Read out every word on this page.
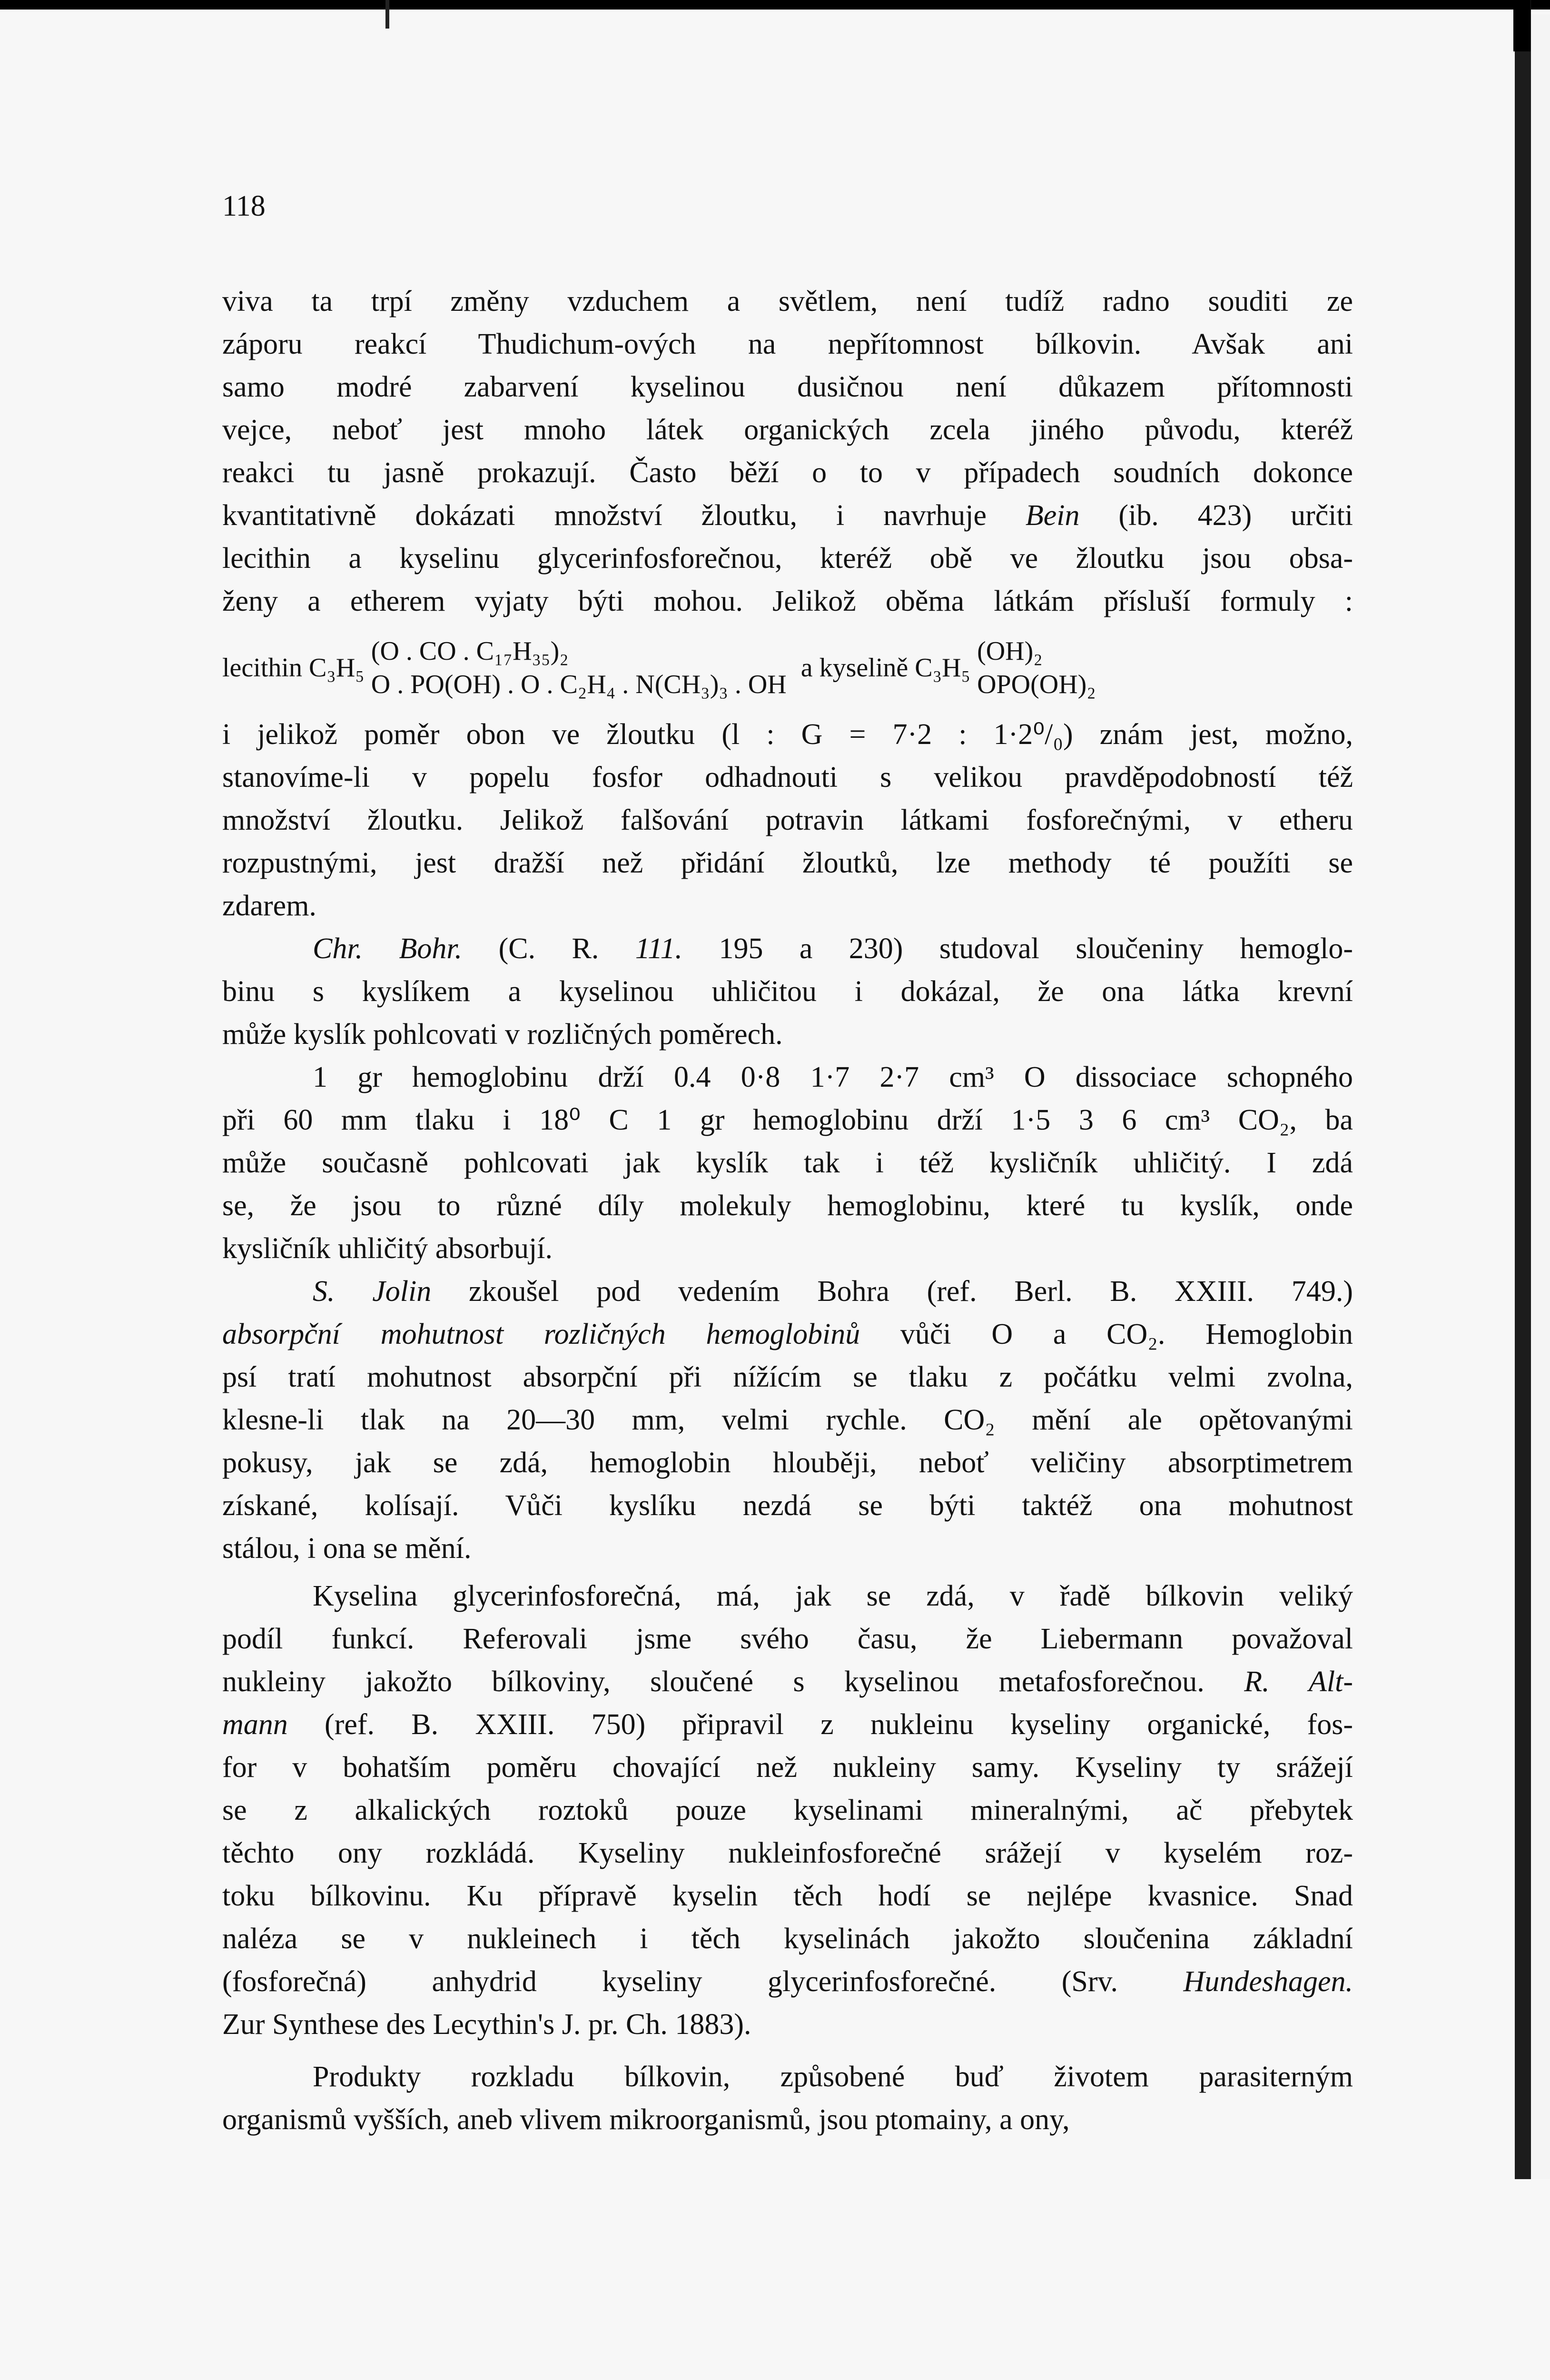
118
viva ta trpí změny vzduchem a světlem, není tudíž radno souditi ze
záporu reakcí Thudichum-ových na nepřítomnost bílkovin. Avšak ani
samo modré zabarvení kyselinou dusičnou není důkazem přítomnosti
vejce, neboť jest mnoho látek organických zcela jiného původu, kteréž
reakci tu jasně prokazují. Často běží o to v případech soudních dokonce
kvantitativně dokázati množství žloutku, i navrhuje Bein (ib. 423) určiti
lecithin a kyselinu glycerinfosforečnou, kteréž obě ve žloutku jsou obsa-
ženy a etherem vyjaty býti mohou. Jelikož oběma látkám přísluší formuly :
lecithin C₃H₅
(O . CO . C₁₇H₃₅)₂
O . PO(OH) . O . C₂H₄ . N(CH₃)₃ . OH
a kyselině C₃H₅
(OH)₂
OPO(OH)₂
i jelikož poměr obon ve žloutku (l : G = 7·2 : 1·2⁰/₀) znám jest, možno,
stanovíme-li v popelu fosfor odhadnouti s velikou pravděpodobností též
množství žloutku. Jelikož falšování potravin látkami fosforečnými, v etheru
rozpustnými, jest dražší než přidání žloutků, lze methody té použíti se
zdarem.
Chr. Bohr. (C. R. 111. 195 a 230) studoval sloučeniny hemoglo-
binu s kyslíkem a kyselinou uhličitou i dokázal, že ona látka krevní
může kyslík pohlcovati v rozličných poměrech.
1 gr hemoglobinu drží 0.4 0·8 1·7 2·7 cm³ O dissociace schopného
při 60 mm tlaku i 18⁰ C 1 gr hemoglobinu drží 1·5 3 6 cm³ CO₂, ba
může současně pohlcovati jak kyslík tak i též kysličník uhličitý. I zdá
se, že jsou to různé díly molekuly hemoglobinu, které tu kyslík, onde
kysličník uhličitý absorbují.
S. Jolin zkoušel pod vedením Bohra (ref. Berl. B. XXIII. 749.)
absorpční mohutnost rozličných hemoglobinů vůči O a CO₂. Hemoglobin
psí tratí mohutnost absorpční při nížícím se tlaku z počátku velmi zvolna,
klesne-li tlak na 20—30 mm, velmi rychle. CO₂ mění ale opětovanými
pokusy, jak se zdá, hemoglobin hlouběji, neboť veličiny absorptimetrem
získané, kolísají. Vůči kyslíku nezdá se býti taktéž ona mohutnost
stálou, i ona se mění.
Kyselina glycerinfosforečná, má, jak se zdá, v řadě bílkovin veliký
podíl funkcí. Referovali jsme svého času, že Liebermann považoval
nukleiny jakožto bílkoviny, sloučené s kyselinou metafosforečnou. R. Alt-
mann (ref. B. XXIII. 750) připravil z nukleinu kyseliny organické, fos-
for v bohatším poměru chovající než nukleiny samy. Kyseliny ty srážejí
se z alkalických roztoků pouze kyselinami mineralnými, ač přebytek
těchto ony rozkládá. Kyseliny nukleinfosforečné srážejí v kyselém roz-
toku bílkovinu. Ku přípravě kyselin těch hodí se nejlépe kvasnice. Snad
naléza se v nukleinech i těch kyselinách jakožto sloučenina základní
(fosforečná) anhydrid kyseliny glycerinfosforečné. (Srv. Hundeshagen.
Zur Synthese des Lecythin's J. pr. Ch. 1883).
Produkty rozkladu bílkovin, způsobené buď životem parasiterným
organismů vyšších, aneb vlivem mikroorganismů, jsou ptomainy, a ony,
